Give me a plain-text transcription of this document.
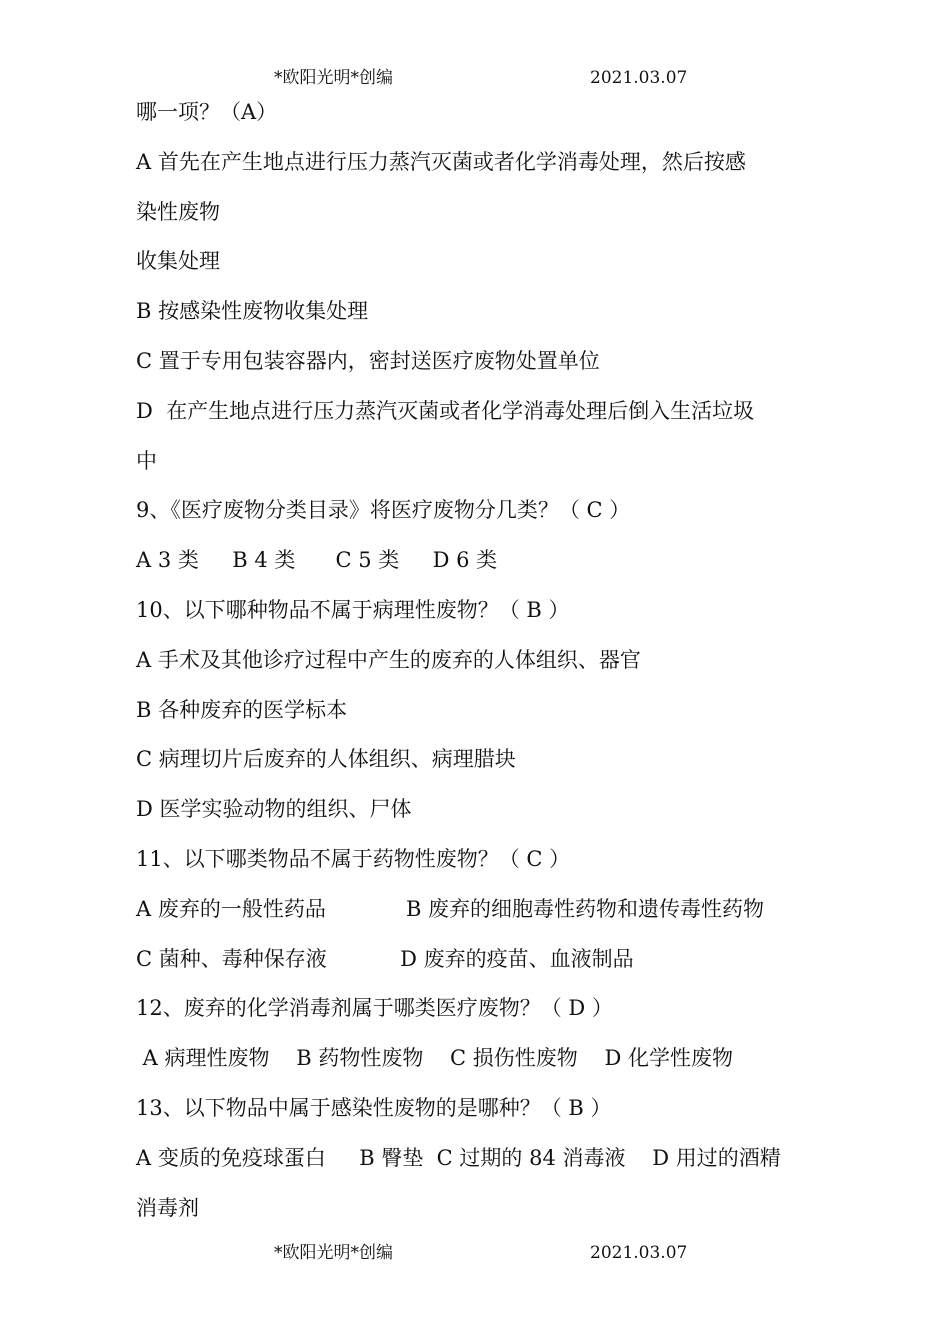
*欧阳光明*创编	2021.03.07
哪一项？（A）
A 首先在产生地点进行压力蒸汽灭菌或者化学消毒处理，然后按感
染性废物
收集处理
B 按感染性废物收集处理
C 置于专用包装容器内，密封送医疗废物处置单位
D  在产生地点进行压力蒸汽灭菌或者化学消毒处理后倒入生活垃圾
中
9、《医疗废物分类目录》将医疗废物分几类？（ C ）
A 3 类     B 4 类      C 5 类     D 6 类
10、以下哪种物品不属于病理性废物？（ B ）
A 手术及其他诊疗过程中产生的废弃的人体组织、器官
B 各种废弃的医学标本
C 病理切片后废弃的人体组织、病理腊块
D 医学实验动物的组织、尸体
11、以下哪类物品不属于药物性废物？（ C ）
A 废弃的一般性药品            B 废弃的细胞毒性药物和遗传毒性药物
C 菌种、毒种保存液           D 废弃的疫苗、血液制品
12、废弃的化学消毒剂属于哪类医疗废物？（ D ）
A 病理性废物    B 药物性废物    C 损伤性废物    D 化学性废物
13、以下物品中属于感染性废物的是哪种？（ B ）
A 变质的免疫球蛋白     B 臀垫  C 过期的 84 消毒液    D 用过的酒精
消毒剂
*欧阳光明*创编	2021.03.07
